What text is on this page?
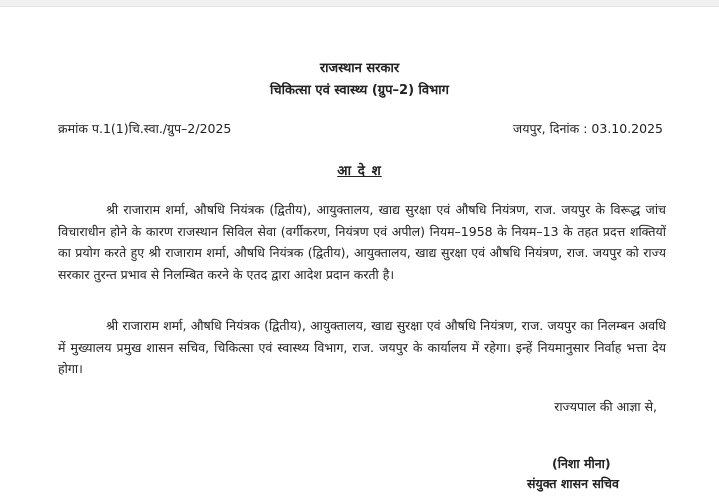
राजस्थान सरकार
चिकित्सा एवं स्वास्थ्य (ग्रुप–2) विभाग
क्रमांक प.1(1)चि.स्वा./ग्रुप–2/2025	जयपुर, दिनांक : 03.10.2025
आ दे श
श्री राजाराम शर्मा, औषधि नियंत्रक (द्वितीय), आयुक्तालय, खाद्य सुरक्षा एवं औषधि नियंत्रण, राज. जयपुर के विरूद्ध जांच विचाराधीन होने के कारण राजस्थान सिविल सेवा (वर्गीकरण, नियंत्रण एवं अपील) नियम–1958 के नियम–13 के तहत प्रदत्त शक्तियों का प्रयोग करते हुए श्री राजाराम शर्मा, औषधि नियंत्रक (द्वितीय), आयुक्तालय, खाद्य सुरक्षा एवं औषधि नियंत्रण, राज. जयपुर को राज्य सरकार तुरन्त प्रभाव से निलम्बित करने के एतद द्वारा आदेश प्रदान करती है।
श्री राजाराम शर्मा, औषधि नियंत्रक (द्वितीय), आयुक्तालय, खाद्य सुरक्षा एवं औषधि नियंत्रण, राज. जयपुर का निलम्बन अवधि में मुख्यालय प्रमुख शासन सचिव, चिकित्सा एवं स्वास्थ्य विभाग, राज. जयपुर के कार्यालय में रहेगा। इन्हें नियमानुसार निर्वाह भत्ता देय होगा।
राज्यपाल की आज्ञा से,
(निशा मीना)
संयुक्त शासन सचिव
